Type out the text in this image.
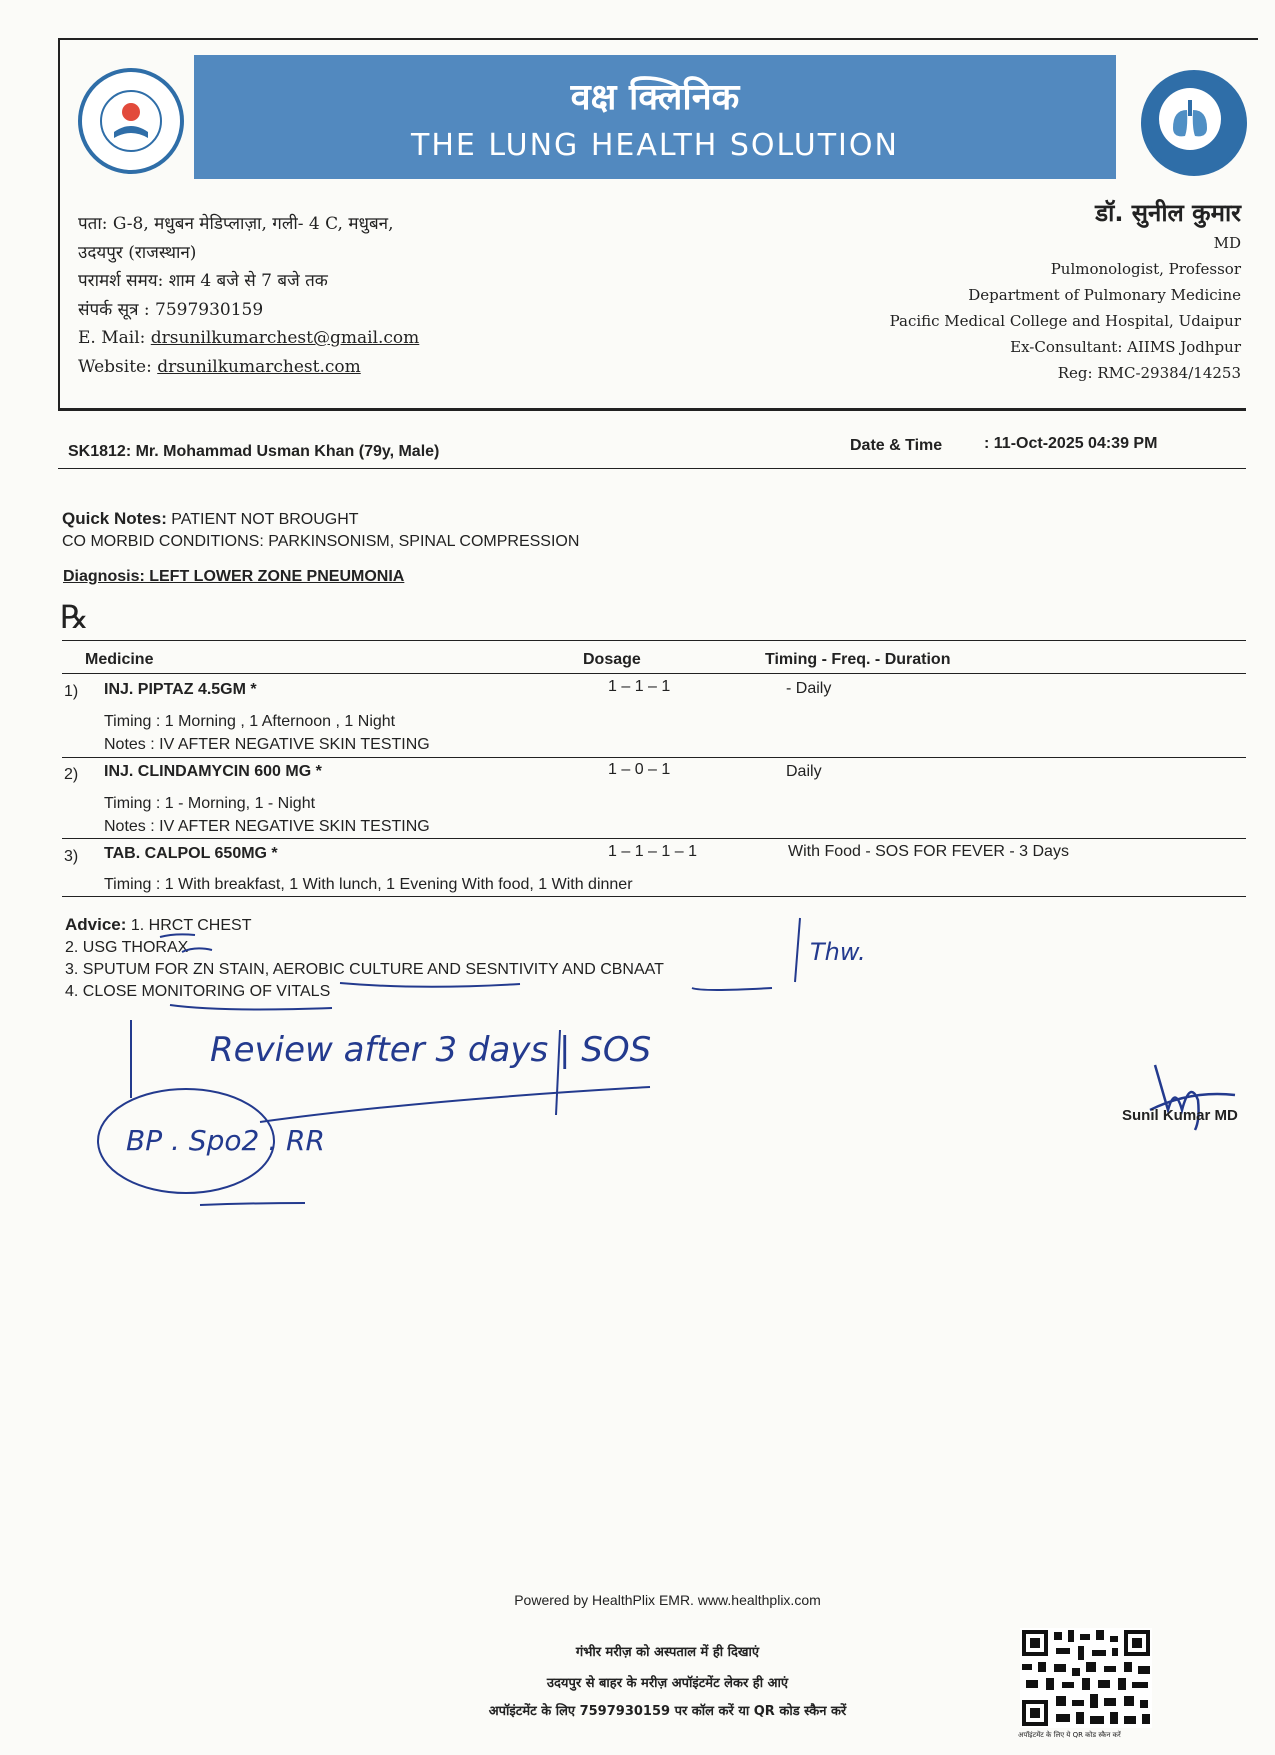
वक्ष क्लिनिक
THE LUNG HEALTH SOLUTION
पता: G-8, मधुबन मेडिप्लाज़ा, गली- 4 C, मधुबन,
उदयपुर (राजस्थान)
परामर्श समय: शाम 4 बजे से 7 बजे तक
संपर्क सूत्र : 7597930159
E. Mail: drsunilkumarchest@gmail.com
Website: drsunilkumarchest.com
डॉ. सुनील कुमार
MD
Pulmonologist, Professor
Department of Pulmonary Medicine
Pacific Medical College and Hospital, Udaipur
Ex-Consultant: AIIMS Jodhpur
Reg: RMC-29384/14253
SK1812: Mr. Mohammad Usman Khan (79y, Male)	Date & Time	: 11-Oct-2025 04:39 PM
Quick Notes: PATIENT NOT BROUGHT
CO MORBID CONDITIONS: PARKINSONISM, SPINAL COMPRESSION
Diagnosis: LEFT LOWER ZONE PNEUMONIA
℞
Medicine	Dosage	Timing - Freq. - Duration
1) INJ. PIPTAZ 4.5GM *	1 – 1 – 1	- Daily
Timing : 1 Morning , 1 Afternoon , 1 Night
Notes : IV AFTER NEGATIVE SKIN TESTING
2) INJ. CLINDAMYCIN 600 MG *	1 – 0 – 1	Daily
Timing : 1 - Morning, 1 - Night
Notes : IV AFTER NEGATIVE SKIN TESTING
3) TAB. CALPOL 650MG *	1 – 1 – 1 – 1	With Food - SOS FOR FEVER - 3 Days
Timing : 1 With breakfast, 1 With lunch, 1 Evening With food, 1 With dinner
Advice: 1. HRCT CHEST
2. USG THORAX
3. SPUTUM FOR ZN STAIN, AEROBIC CULTURE AND SESNTIVITY AND CBNAAT
4. CLOSE MONITORING OF VITALS
Review after 3 days | SOS
BP . Spo2 . RR
Thw.
Sunil Kumar MD
Powered by HealthPlix EMR. www.healthplix.com
गंभीर मरीज़ को अस्पताल में ही दिखाएं
उदयपुर से बाहर के मरीज़ अपॉइंटमेंट लेकर ही आएं
अपॉइंटमेंट के लिए 7597930159 पर कॉल करें या QR कोड स्कैन करें
अपॉइंटमेंट के लिए ये QR कोड स्कैन करें
